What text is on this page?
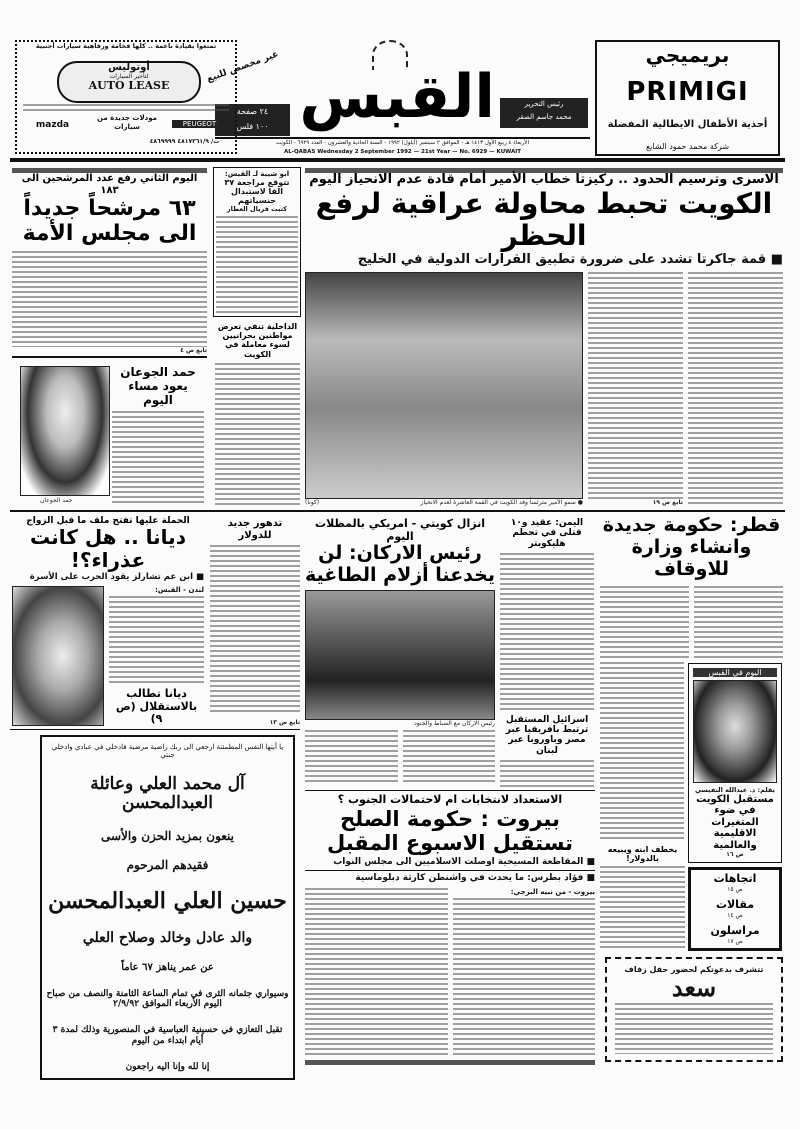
بريميجي
PRIMIGI
أحذية الأطفال الايطالية المفضلة
شركة محمد حمود الشايع
القبس
غير مخصص للبيع
٢٤ صفحة
١٠٠ فلس
رئيس التحرير
محمد جاسم الصقر
الأربعاء ٤ ربيع الأول ١٤١٣ هـ - الموافق ٢ سبتمبر (أيلول) ١٩٩٢ - السنة الحادية والعشرون - العدد ٦٩٢٩ - الكويت
AL-QABAS Wednesday 2 September 1992 — 21st Year — No. 6929 — KUWAIT
تمتعوا بقيادة ناعمة .. كلها فخامة ورفاهية سيارات أجنبية
أوتوليس
لتأجير السيارات
AUTO LEASE
مودلات جديدة من سيارات	PEUGEOT
mazda
ت/ ٤٨١٧٣٦١/٩ ٤٨٦٩٩٩٩
الاسرى وترسيم الحدود .. ركيزتا خطاب الأمير أمام قادة عدم الانحياز اليوم
الكويت تحبط محاولة عراقية لرفع الحظر
■ قمة جاكرتا تشدد على ضرورة تطبيق القرارات الدولية في الخليج
تابع ص ١٩
● سمو الأمير مترئساً وفد الكويت في القمة العاشرة لعدم الانحياز
(كونا)
اليوم الثاني رفع عدد المرشحين الى ١٨٣
٦٣ مرشحاً جديداً الى مجلس الأمة
تابع ص ٤
ابو شيبة لـ القبس:
تتوقع مراجعة ٣٧ الفا لاستبدال جنسياتهم
كتبت فريال العطار
الداخلية تنفي تعرض مواطنين بحرانيين لسوء معاملة في الكويت
حمد الجوعان
حمد الجوعان يعود مساء اليوم
قطر: حكومة جديدة وانشاء وزارة للاوقاف
اليمن: عقيد و١٠ قتلى في تحطم هليكوبتر
اسرائيل المستقبل ترتبط بافريقيا عبر مصر وباوروبا عبر لبنان
انزال كويتي - امريكي بالمظلات اليوم
رئيس الاركان: لن يخدعنا أزلام الطاغية
رئيس الاركان مع الضباط والجنود
تدهور جديد للدولار
تابع ص ١٣
الحملة عليها تفتح ملف ما قبل الزواج
ديانا .. هل كانت عذراء؟!
■ ابن عم تشارلز يقود الحرب على الأسرة
لندن - القبس:
ديانا تطالب بالاستقلال (ص ٩)
يا أيتها النفس المطمئنة ارجعي الى ربك راضية مرضية فادخلي في عبادي وادخلي جنتي
آل محمد العلي وعائلة العبدالمحسن
ينعون بمزيد الحزن والأسى
فقيدهم المرحوم
حسين العلي العبدالمحسن
والد عادل وخالد وصلاح العلي
عن عمر يناهز ٦٧ عاماً
وسيواري جثمانه الثرى في تمام الساعة الثامنة والنصف من صباح اليوم الأربعاء الموافق ٢/٩/٩٢
تقبل التعازي في حسينية العباسية في المنصورية وذلك لمدة ٣ أيام ابتداء من اليوم
إنا لله وإنا اليه راجعون
الاستعداد لانتخابات ام لاحتمالات الجنوب ؟
بيروت : حكومة الصلح تستقيل الاسبوع المقبل
■ المقاطعة المسيحية اوصلت الاسلاميين الى مجلس النواب
■ فؤاد بطرس: ما يحدث في واشنطن كارثة دبلوماسية
بيروت - من نبيه البرجي:
يخطف ابنه ويبيعه بالدولار!
اليوم في القبس
بقلم: د. عبدالله النفيسي
مستقبل الكويت في ضوء المتغيرات الاقليمية والعالمية
ص ١٦
اتجاهات
ص ١٥
مقالات
ص ١٤
مراسلون
ص ١٧
تتشرف بدعوتكم لحضور حفل زفاف
سعد
